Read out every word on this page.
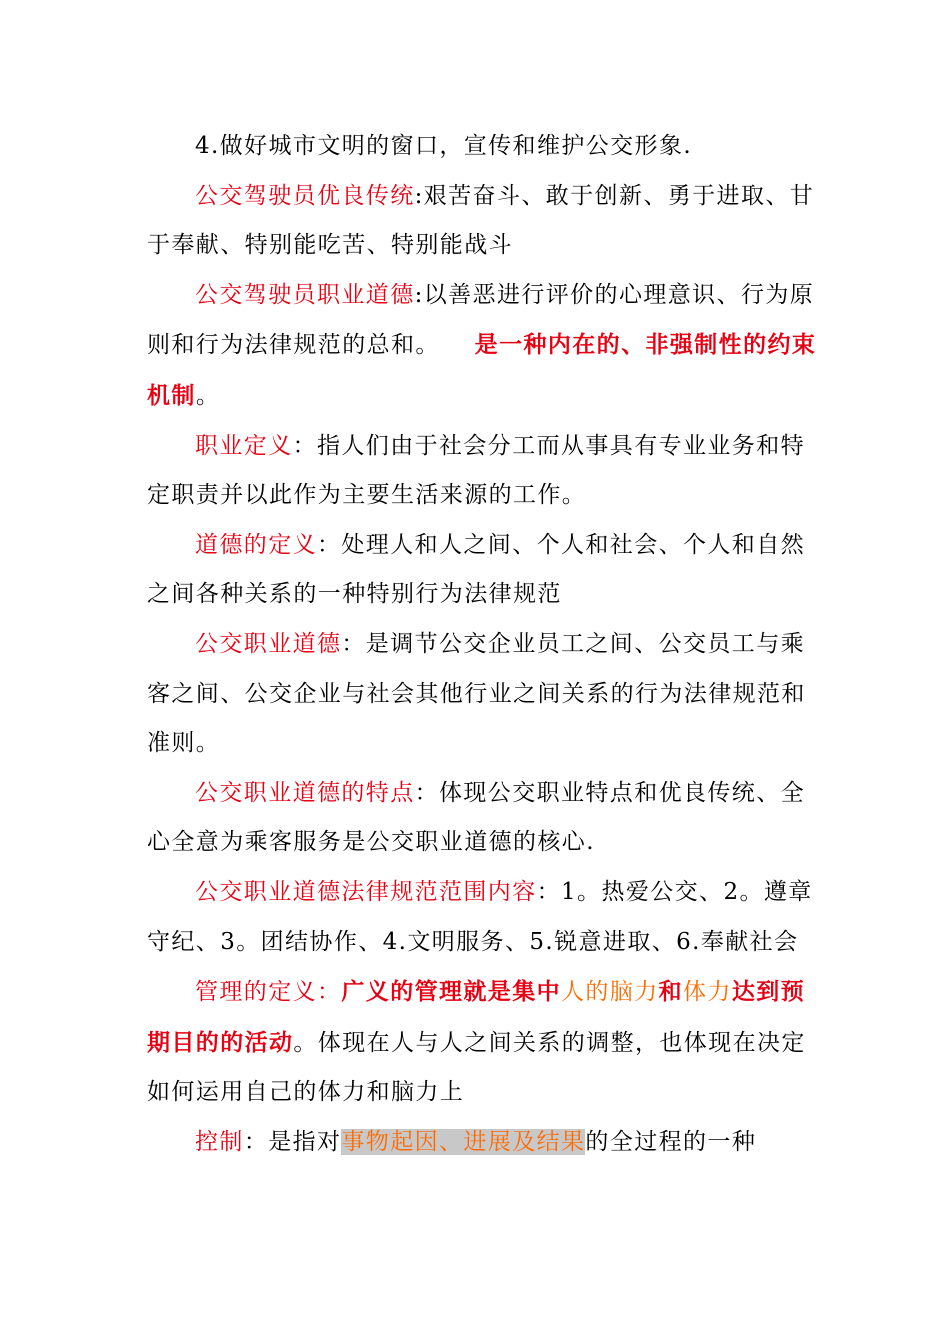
4.做好城市文明的窗口，宣传和维护公交形象.

公交驾驶员优良传统:艰苦奋斗、敢于创新、勇于进取、甘于奉献、特别能吃苦、特别能战斗

公交驾驶员职业道德:以善恶进行评价的心理意识、行为原则和行为法律规范的总和。 是一种内在的、非强制性的约束机制。

职业定义：指人们由于社会分工而从事具有专业业务和特定职责并以此作为主要生活来源的工作。

道德的定义：处理人和人之间、个人和社会、个人和自然之间各种关系的一种特别行为法律规范

公交职业道德：是调节公交企业员工之间、公交员工与乘客之间、公交企业与社会其他行业之间关系的行为法律规范和准则。

公交职业道德的特点：体现公交职业特点和优良传统、全心全意为乘客服务是公交职业道德的核心.

公交职业道德法律规范范围内容：1。热爱公交、2。遵章守纪、3。团结协作、4.文明服务、5.锐意进取、6.奉献社会

管理的定义：广义的管理就是集中人的脑力和体力达到预期目的的活动。体现在人与人之间关系的调整，也体现在决定如何运用自己的体力和脑力上

控制：是指对事物起因、进展及结果的全过程的一种
